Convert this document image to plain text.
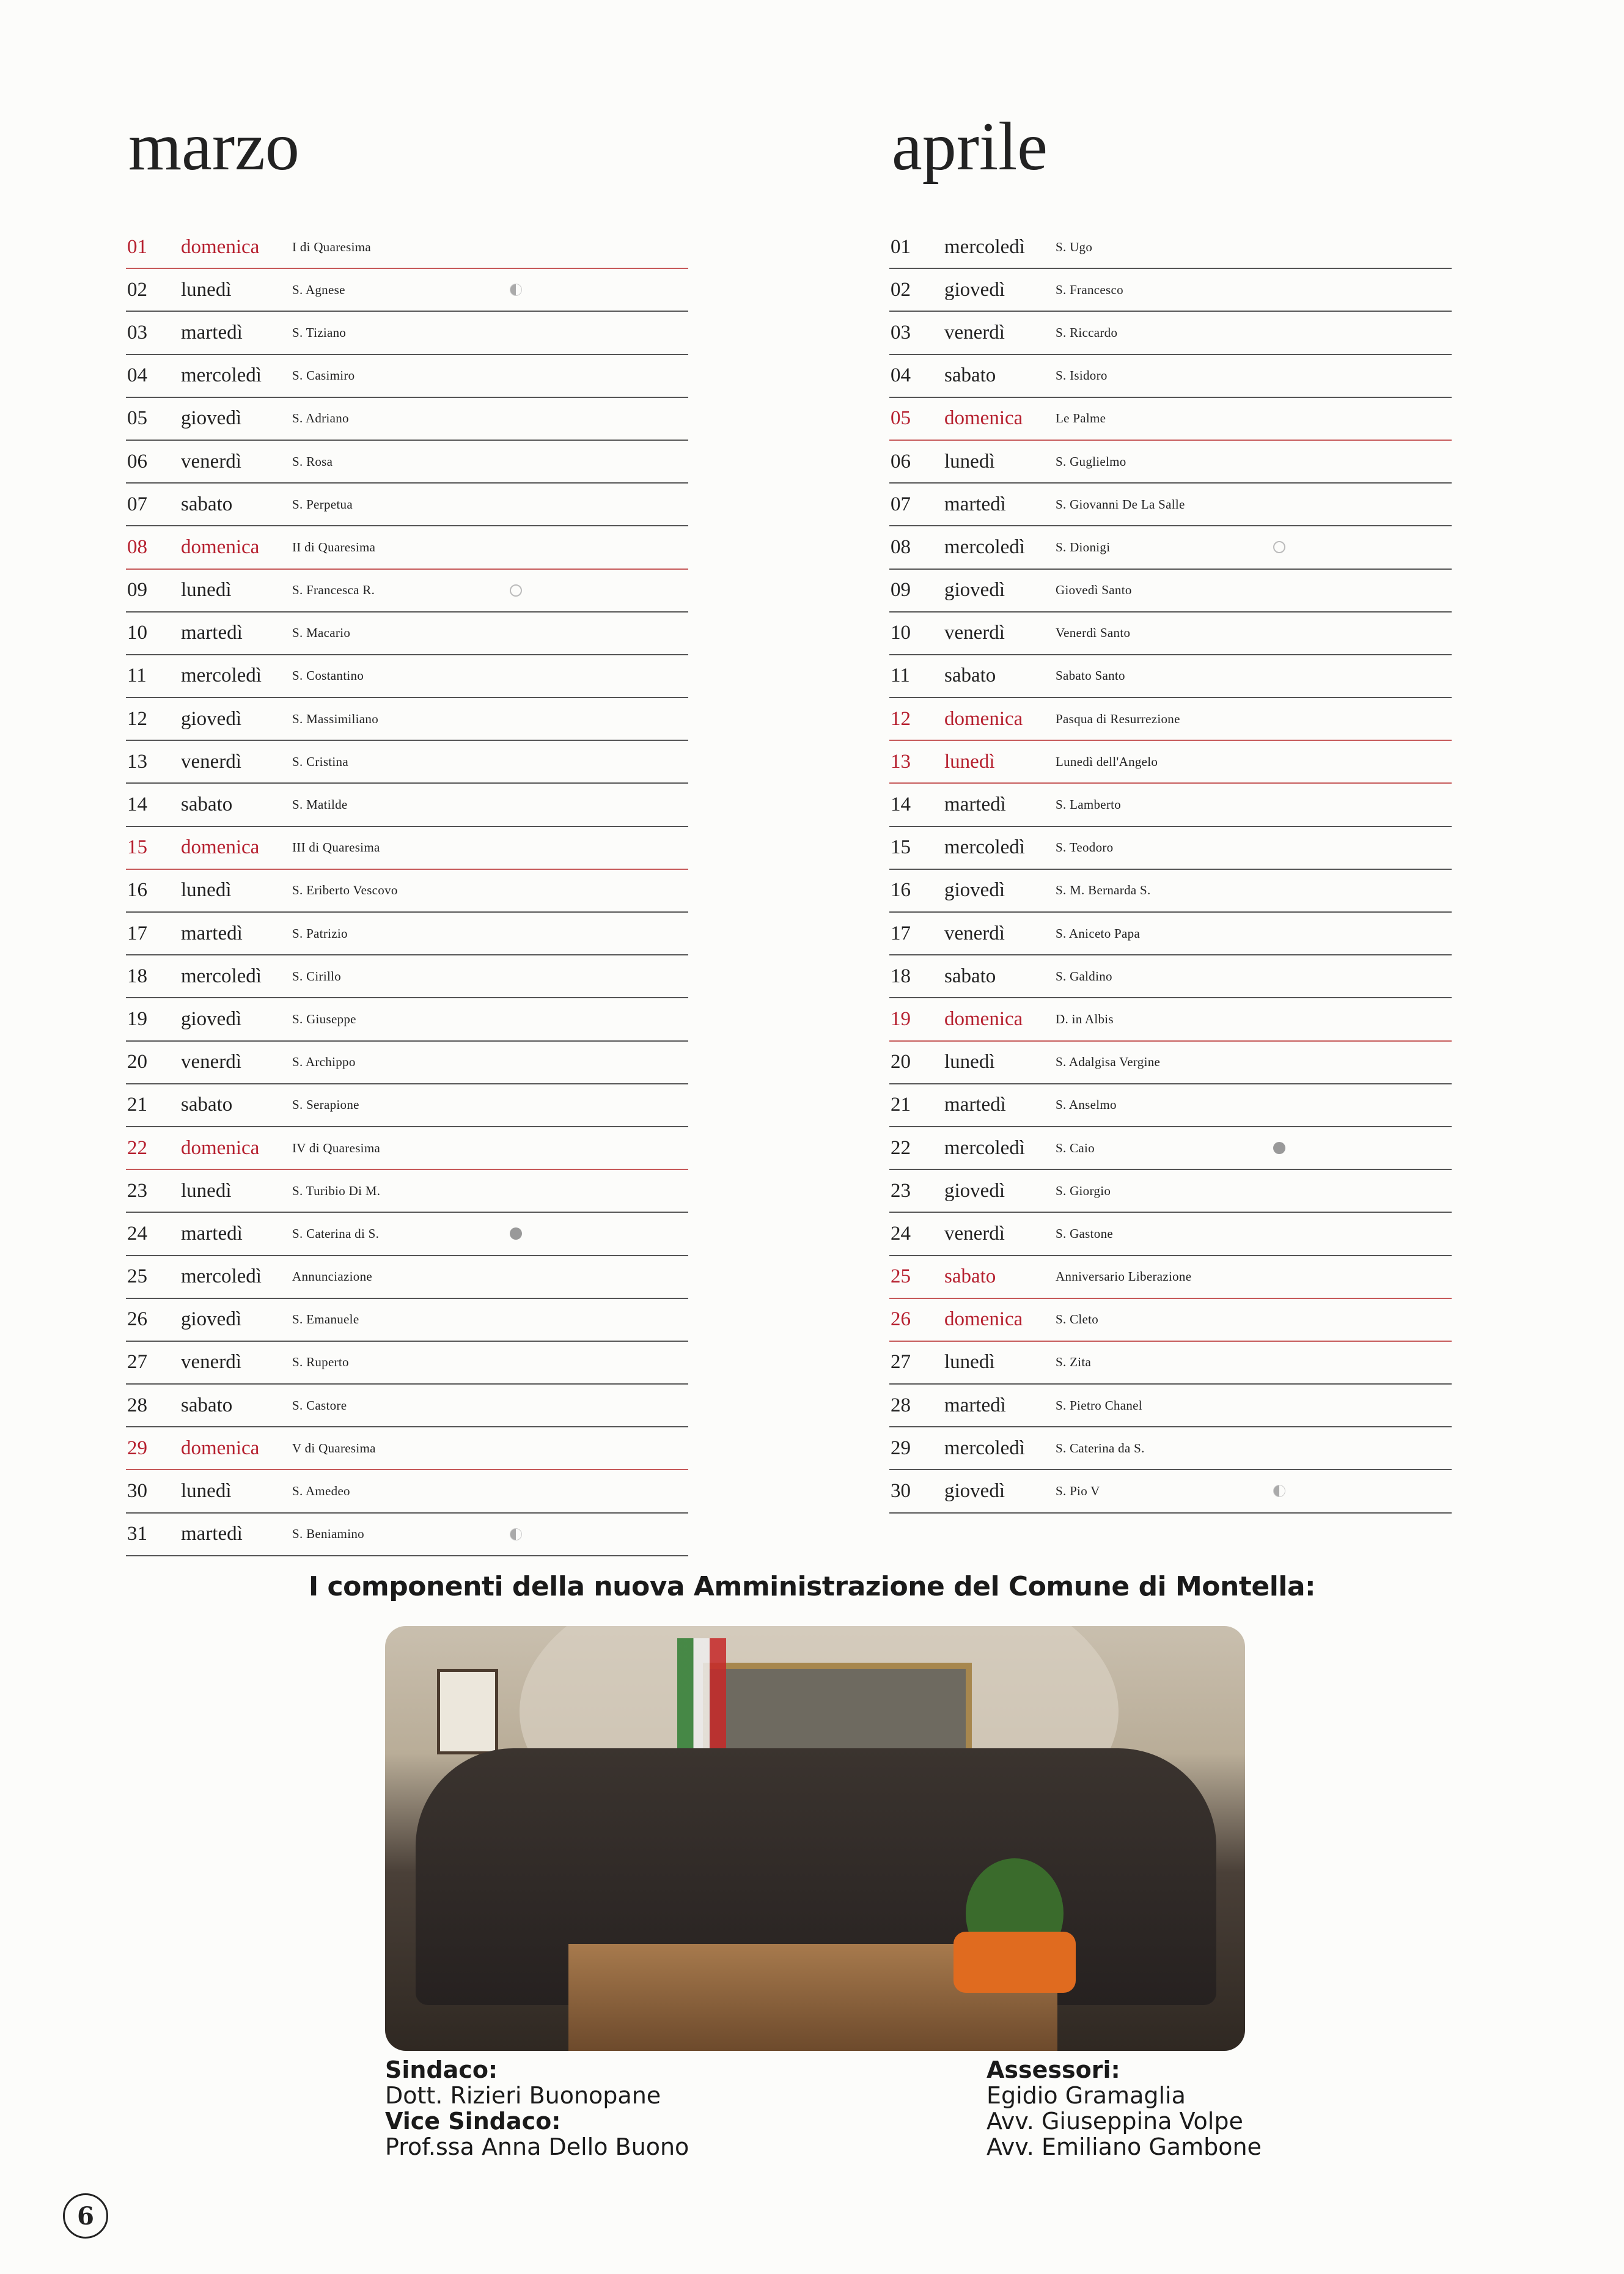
marzo
01	domenica	I di Quaresima
02	lunedì	S. Agnese
03	martedì	S. Tiziano
04	mercoledì	S. Casimiro
05	giovedì	S. Adriano
06	venerdì	S. Rosa
07	sabato	S. Perpetua
08	domenica	II di Quaresima
09	lunedì	S. Francesca R.
10	martedì	S. Macario
11	mercoledì	S. Costantino
12	giovedì	S. Massimiliano
13	venerdì	S. Cristina
14	sabato	S. Matilde
15	domenica	III di Quaresima
16	lunedì	S. Eriberto Vescovo
17	martedì	S. Patrizio
18	mercoledì	S. Cirillo
19	giovedì	S. Giuseppe
20	venerdì	S. Archippo
21	sabato	S. Serapione
22	domenica	IV di Quaresima
23	lunedì	S. Turibio Di M.
24	martedì	S. Caterina di S.
25	mercoledì	Annunciazione
26	giovedì	S. Emanuele
27	venerdì	S. Ruperto
28	sabato	S. Castore
29	domenica	V di Quaresima
30	lunedì	S. Amedeo
31	martedì	S. Beniamino
aprile
01	mercoledì	S. Ugo
02	giovedì	S. Francesco
03	venerdì	S. Riccardo
04	sabato	S. Isidoro
05	domenica	Le Palme
06	lunedì	S. Guglielmo
07	martedì	S. Giovanni De La Salle
08	mercoledì	S. Dionigi
09	giovedì	Giovedì Santo
10	venerdì	Venerdì Santo
11	sabato	Sabato Santo
12	domenica	Pasqua di Resurrezione
13	lunedì	Lunedì dell'Angelo
14	martedì	S. Lamberto
15	mercoledì	S. Teodoro
16	giovedì	S. M. Bernarda S.
17	venerdì	S. Aniceto Papa
18	sabato	S. Galdino
19	domenica	D. in Albis
20	lunedì	S. Adalgisa Vergine
21	martedì	S. Anselmo
22	mercoledì	S. Caio
23	giovedì	S. Giorgio
24	venerdì	S. Gastone
25	sabato	Anniversario Liberazione
26	domenica	S. Cleto
27	lunedì	S. Zita
28	martedì	S. Pietro Chanel
29	mercoledì	S. Caterina da S.
30	giovedì	S. Pio V
I componenti della nuova Amministrazione del Comune di Montella:
Sindaco:
Dott. Rizieri Buonopane
Vice Sindaco:
Prof.ssa Anna Dello Buono
Assessori:
Egidio Gramaglia
Avv. Giuseppina Volpe
Avv. Emiliano Gambone
6
